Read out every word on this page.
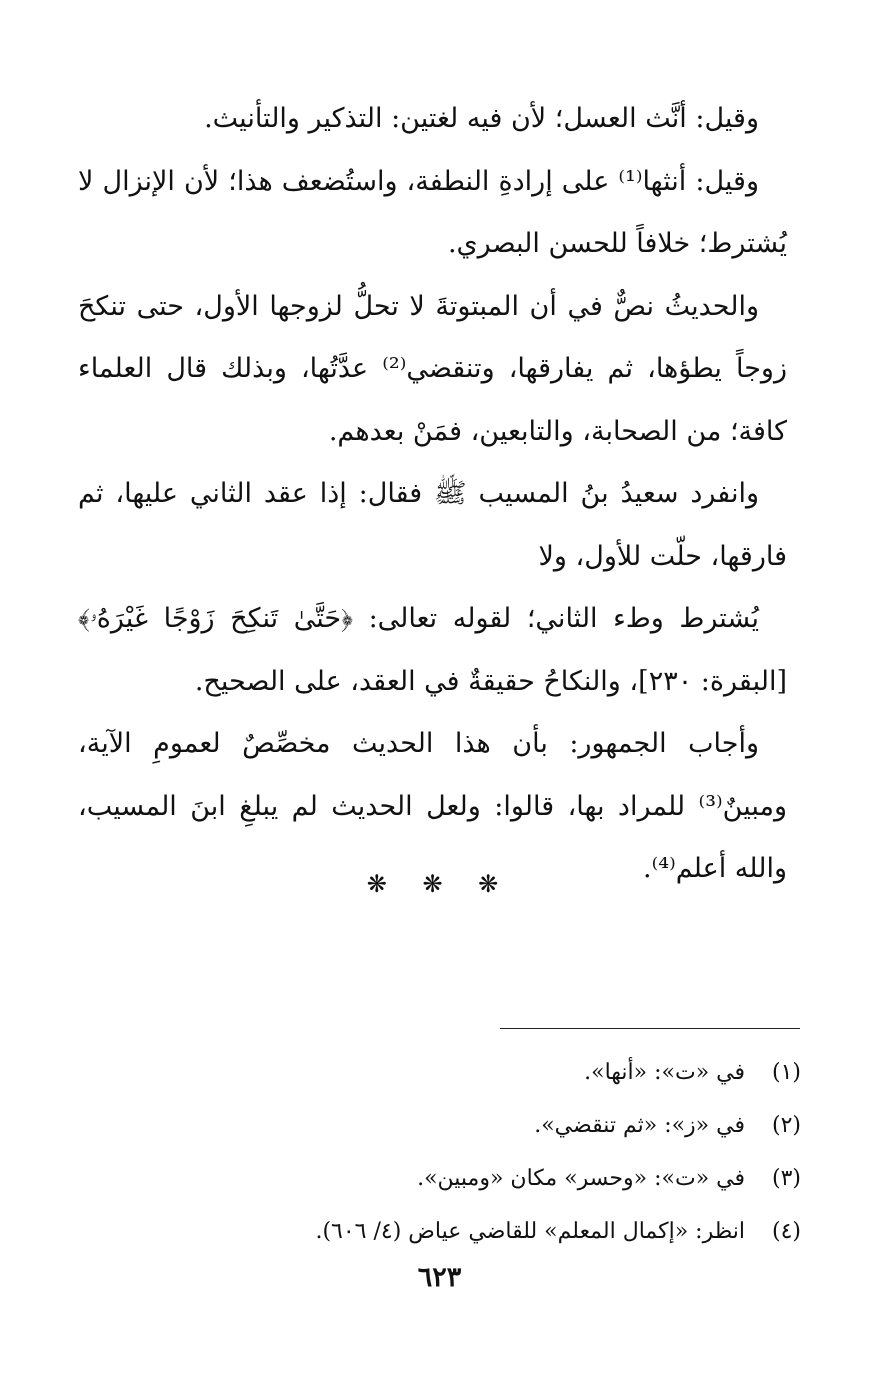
وقيل: أنَّث العسل؛ لأن فيه لغتين: التذكير والتأنيث.

وقيل: أنثها⁽¹⁾ على إرادةِ النطفة، واستُضعف هذا؛ لأن الإنزال لا يُشترط؛ خلافاً للحسن البصري.

والحديثُ نصٌّ في أن المبتوتةَ لا تحلُّ لزوجها الأول، حتى تنكحَ زوجاً يطؤها، ثم يفارقها، وتنقضي⁽²⁾ عدَّتُها، وبذلك قال العلماء كافة؛ من الصحابة، والتابعين، فمَنْ بعدهم.

وانفرد سعيدُ بنُ المسيب ﷺ فقال: إذا عقد الثاني عليها، ثم فارقها، حلّت للأول، ولا

يُشترط وطء الثاني؛ لقوله تعالى: ﴿حَتَّىٰ تَنكِحَ زَوْجًا غَيْرَهُۥ﴾ [البقرة: ٢٣٠]، والنكاحُ حقيقةٌ في العقد، على الصحيح.

وأجاب الجمهور: بأن هذا الحديث مخصِّصٌ لعمومِ الآية، ومبينٌ⁽³⁾ للمراد بها، قالوا: ولعل الحديث لم يبلغِ ابنَ المسيب، والله أعلم⁽⁴⁾.

❋ ❋ ❋
(١)
في «ت»: «أنها».
(٢)
في «ز»: «ثم تنقضي».
(٣)
في «ت»: «وحسر» مكان «ومبين».
(٤)
انظر: «إكمال المعلم» للقاضي عياض (٤/ ٦٠٦).
٦٢٣
